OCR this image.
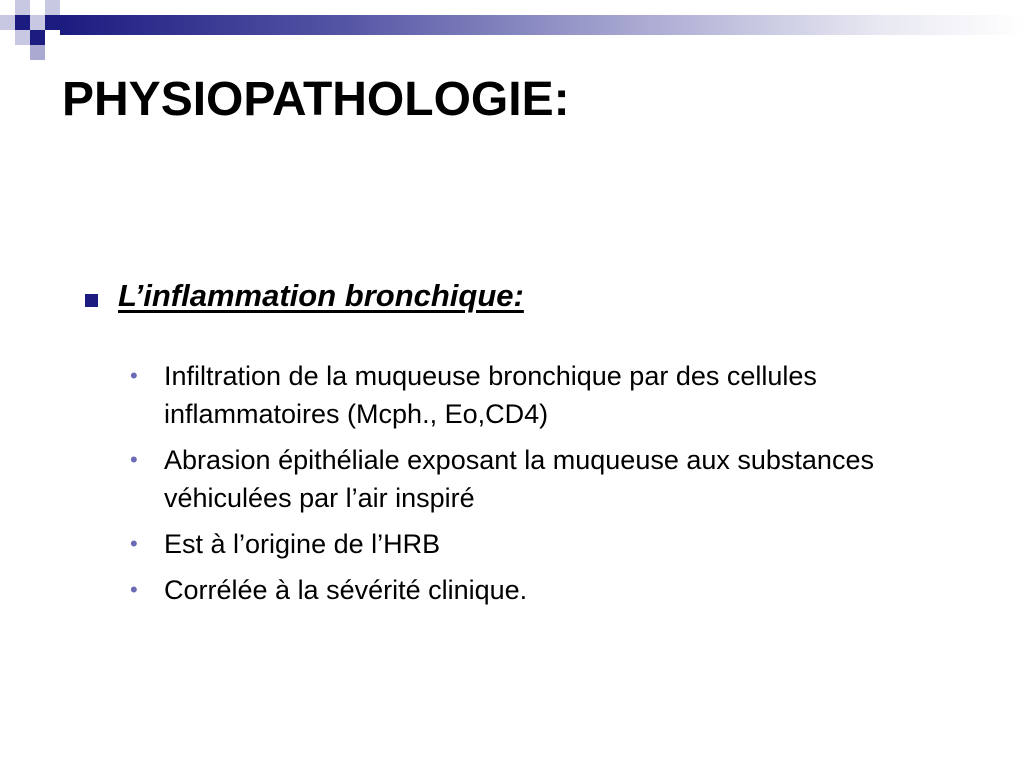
PHYSIOPATHOLOGIE:
L’inflammation bronchique:
• Infiltration de la muqueuse bronchique par des cellules inflammatoires (Mcph., Eo,CD4)
• Abrasion épithéliale exposant la muqueuse aux substances véhiculées par l’air inspiré
• Est à l’origine de l’HRB
• Corrélée à la sévérité clinique.
